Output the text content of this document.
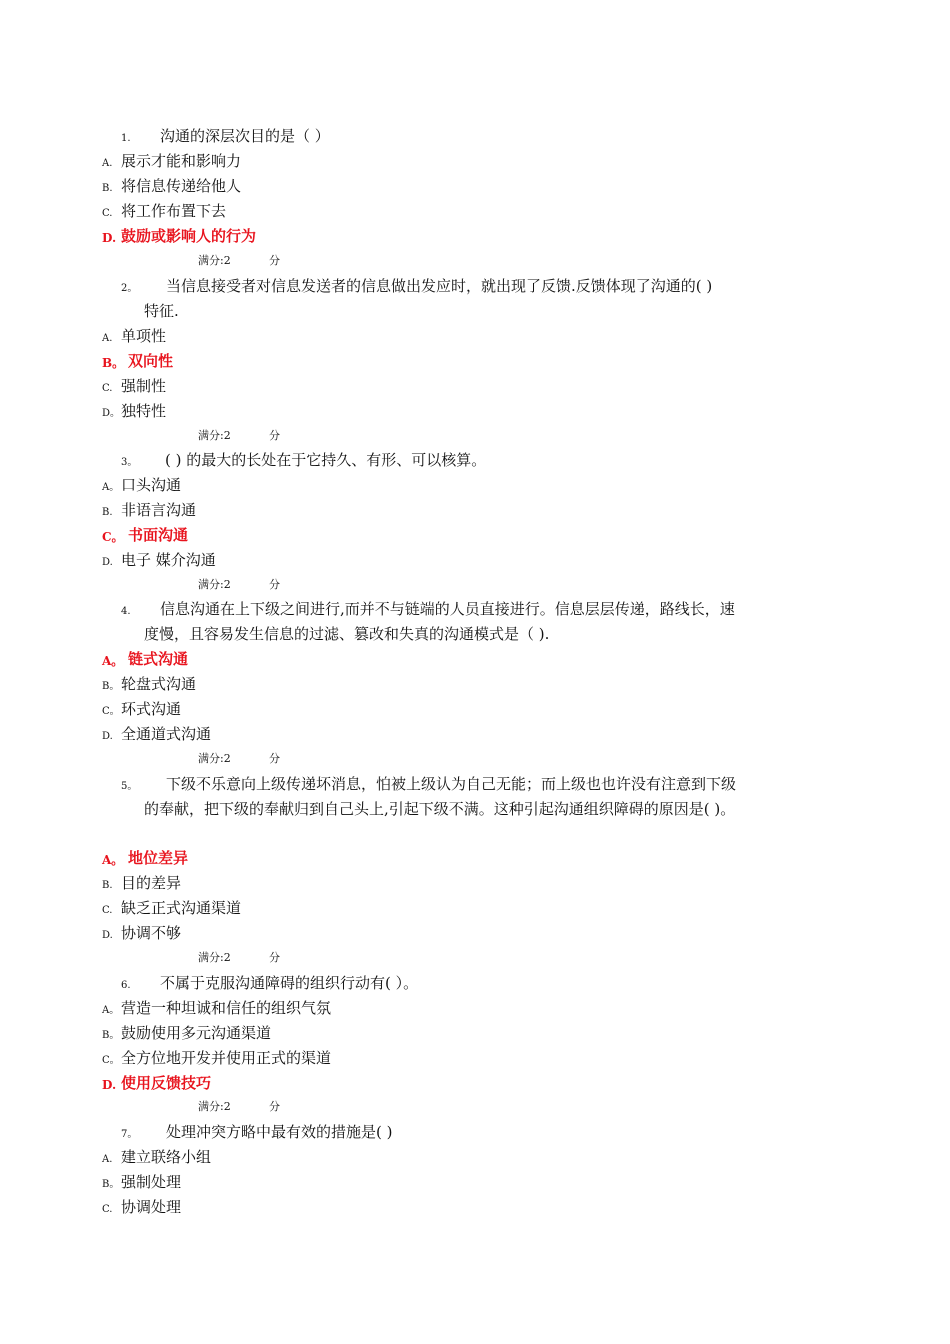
1. 沟通的深层次目的是（ ）
A. 展示才能和影响力
B. 将信息传递给他人
C. 将工作布置下去
D. 鼓励或影响人的行为
满分:2	分
2。 当信息接受者对信息发送者的信息做出发应时，就出现了反馈.反馈体现了沟通的( )
特征.
A. 单项性
B。 双向性
C. 强制性
D。 独特性
满分:2	分
3。 ( ) 的最大的长处在于它持久、有形、可以核算。
A。 口头沟通
B. 非语言沟通
C。 书面沟通
D. 电子 媒介沟通
满分:2	分
4. 信息沟通在上下级之间进行,而并不与链端的人员直接进行。信息层层传递，路线长，速
度慢，且容易发生信息的过滤、篡改和失真的沟通模式是（ ).
A。 链式沟通
B。 轮盘式沟通
C。 环式沟通
D. 全通道式沟通
满分:2	分
5。 下级不乐意向上级传递坏消息，怕被上级认为自己无能；而上级也也许没有注意到下级
的奉献，把下级的奉献归到自己头上,引起下级不满。这种引起沟通组织障碍的原因是( )。
A。 地位差异
B. 目的差异
C. 缺乏正式沟通渠道
D. 协调不够
满分:2	分
6. 不属于克服沟通障碍的组织行动有( ）。
A。 营造一种坦诚和信任的组织气氛
B。 鼓励使用多元沟通渠道
C。 全方位地开发并使用正式的渠道
D. 使用反馈技巧
满分:2	分
7。 处理冲突方略中最有效的措施是( )
A. 建立联络小组
B。 强制处理
C. 协调处理
